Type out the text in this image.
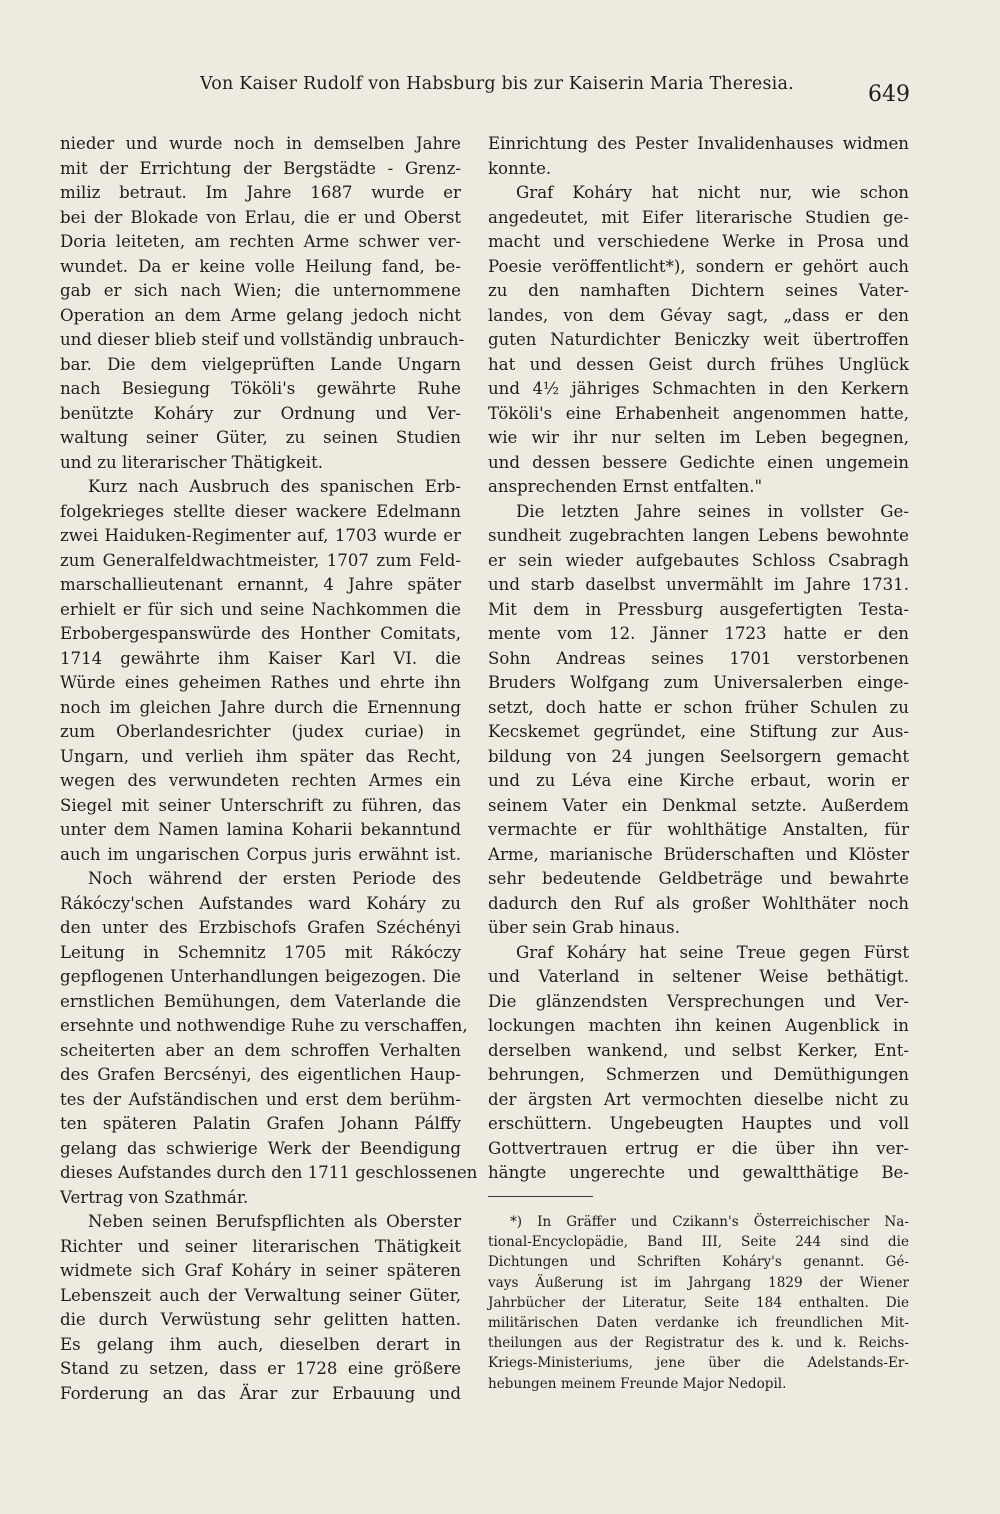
Von Kaiser Rudolf von Habsburg bis zur Kaiserin Maria Theresia.	649
nieder und wurde noch in demselben Jahre
mit der Errichtung der Bergstädte - Grenz-
miliz betraut. Im Jahre 1687 wurde er
bei der Blokade von Erlau, die er und Oberst
Doria leiteten, am rechten Arme schwer ver-
wundet. Da er keine volle Heilung fand, be-
gab er sich nach Wien; die unternommene
Operation an dem Arme gelang jedoch nicht
und dieser blieb steif und vollständig unbrauch-
bar. Die dem vielgeprüften Lande Ungarn
nach Besiegung Tököli's gewährte Ruhe
benützte Koháry zur Ordnung und Ver-
waltung seiner Güter, zu seinen Studien
und zu literarischer Thätigkeit.
Kurz nach Ausbruch des spanischen Erb-
folgekrieges stellte dieser wackere Edelmann
zwei Haiduken-Regimenter auf, 1703 wurde er
zum Generalfeldwachtmeister, 1707 zum Feld-
marschallieutenant ernannt, 4 Jahre später
erhielt er für sich und seine Nachkommen die
Erbobergespanswürde des Honther Comitats,
1714 gewährte ihm Kaiser Karl VI. die
Würde eines geheimen Rathes und ehrte ihn
noch im gleichen Jahre durch die Ernennung
zum Oberlandesrichter (judex curiae) in
Ungarn, und verlieh ihm später das Recht,
wegen des verwundeten rechten Armes ein
Siegel mit seiner Unterschrift zu führen, das
unter dem Namen lamina Koharii bekanntund
auch im ungarischen Corpus juris erwähnt ist.
Noch während der ersten Periode des
Rákóczy'schen Aufstandes ward Koháry zu
den unter des Erzbischofs Grafen Széchényi
Leitung in Schemnitz 1705 mit Rákóczy
gepflogenen Unterhandlungen beigezogen. Die
ernstlichen Bemühungen, dem Vaterlande die
ersehnte und nothwendige Ruhe zu verschaffen,
scheiterten aber an dem schroffen Verhalten
des Grafen Bercsényi, des eigentlichen Haup-
tes der Aufständischen und erst dem berühm-
ten späteren Palatin Grafen Johann Pálffy
gelang das schwierige Werk der Beendigung
dieses Aufstandes durch den 1711 geschlossenen
Vertrag von Szathmár.
Neben seinen Berufspflichten als Oberster
Richter und seiner literarischen Thätigkeit
widmete sich Graf Koháry in seiner späteren
Lebenszeit auch der Verwaltung seiner Güter,
die durch Verwüstung sehr gelitten hatten.
Es gelang ihm auch, dieselben derart in
Stand zu setzen, dass er 1728 eine größere
Forderung an das Ärar zur Erbauung und
Einrichtung des Pester Invalidenhauses widmen
konnte.
Graf Koháry hat nicht nur, wie schon
angedeutet, mit Eifer literarische Studien ge-
macht und verschiedene Werke in Prosa und
Poesie veröffentlicht*), sondern er gehört auch
zu den namhaften Dichtern seines Vater-
landes, von dem Gévay sagt, „dass er den
guten Naturdichter Beniczky weit übertroffen
hat und dessen Geist durch frühes Unglück
und 4½ jähriges Schmachten in den Kerkern
Tököli's eine Erhabenheit angenommen hatte,
wie wir ihr nur selten im Leben begegnen,
und dessen bessere Gedichte einen ungemein
ansprechenden Ernst entfalten."
Die letzten Jahre seines in vollster Ge-
sundheit zugebrachten langen Lebens bewohnte
er sein wieder aufgebautes Schloss Csabragh
und starb daselbst unvermählt im Jahre 1731.
Mit dem in Pressburg ausgefertigten Testa-
mente vom 12. Jänner 1723 hatte er den
Sohn Andreas seines 1701 verstorbenen
Bruders Wolfgang zum Universalerben einge-
setzt, doch hatte er schon früher Schulen zu
Kecskemet gegründet, eine Stiftung zur Aus-
bildung von 24 jungen Seelsorgern gemacht
und zu Léva eine Kirche erbaut, worin er
seinem Vater ein Denkmal setzte. Außerdem
vermachte er für wohlthätige Anstalten, für
Arme, marianische Brüderschaften und Klöster
sehr bedeutende Geldbeträge und bewahrte
dadurch den Ruf als großer Wohlthäter noch
über sein Grab hinaus.
Graf Koháry hat seine Treue gegen Fürst
und Vaterland in seltener Weise bethätigt.
Die glänzendsten Versprechungen und Ver-
lockungen machten ihn keinen Augenblick in
derselben wankend, und selbst Kerker, Ent-
behrungen, Schmerzen und Demüthigungen
der ärgsten Art vermochten dieselbe nicht zu
erschüttern. Ungebeugten Hauptes und voll
Gottvertrauen ertrug er die über ihn ver-
hängte ungerechte und gewaltthätige Be-
*) In Gräffer und Czikann's Österreichischer Na-
tional-Encyclopädie, Band III, Seite 244 sind die
Dichtungen und Schriften Koháry's genannt. Gé-
vays Äußerung ist im Jahrgang 1829 der Wiener
Jahrbücher der Literatur, Seite 184 enthalten. Die
militärischen Daten verdanke ich freundlichen Mit-
theilungen aus der Registratur des k. und k. Reichs-
Kriegs-Ministeriums, jene über die Adelstands-Er-
hebungen meinem Freunde Major Nedopil.
